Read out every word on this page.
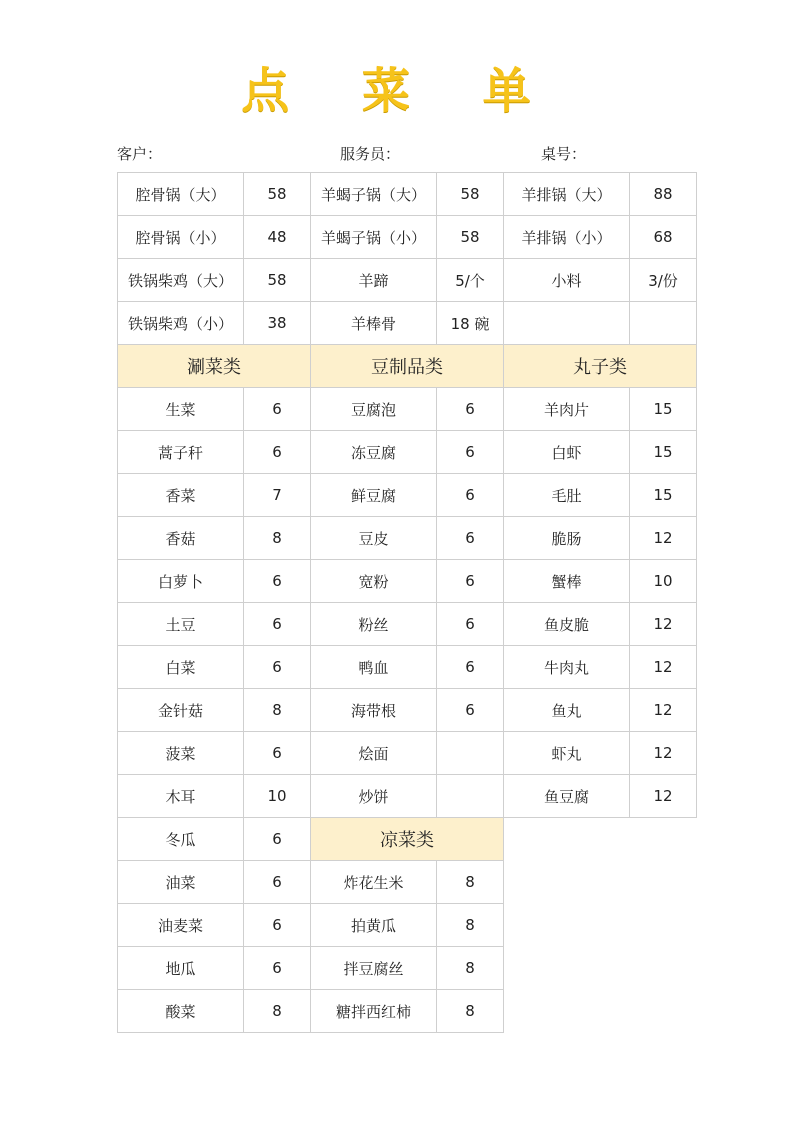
点 菜 单
客户：	服务员：	桌号：
腔骨锅（大）	58	羊蝎子锅（大）	58	羊排锅（大）	88
腔骨锅（小）	48	羊蝎子锅（小）	58	羊排锅（小）	68
铁锅柴鸡（大）	58	羊蹄	5/个	小料	3/份
铁锅柴鸡（小）	38	羊棒骨	18 碗		
涮菜类		豆制品类		丸子类	
生菜	6	豆腐泡	6	羊肉片	15
蒿子秆	6	冻豆腐	6	白虾	15
香菜	7	鲜豆腐	6	毛肚	15
香菇	8	豆皮	6	脆肠	12
白萝卜	6	宽粉	6	蟹棒	10
土豆	6	粉丝	6	鱼皮脆	12
白菜	6	鸭血	6	牛肉丸	12
金针菇	8	海带根	6	鱼丸	12
菠菜	6	烩面		虾丸	12
木耳	10	炒饼		鱼豆腐	12
冬瓜	6	凉菜类			
油菜	6	炸花生米	8		
油麦菜	6	拍黄瓜	8		
地瓜	6	拌豆腐丝	8		
酸菜	8	糖拌西红柿	8		
